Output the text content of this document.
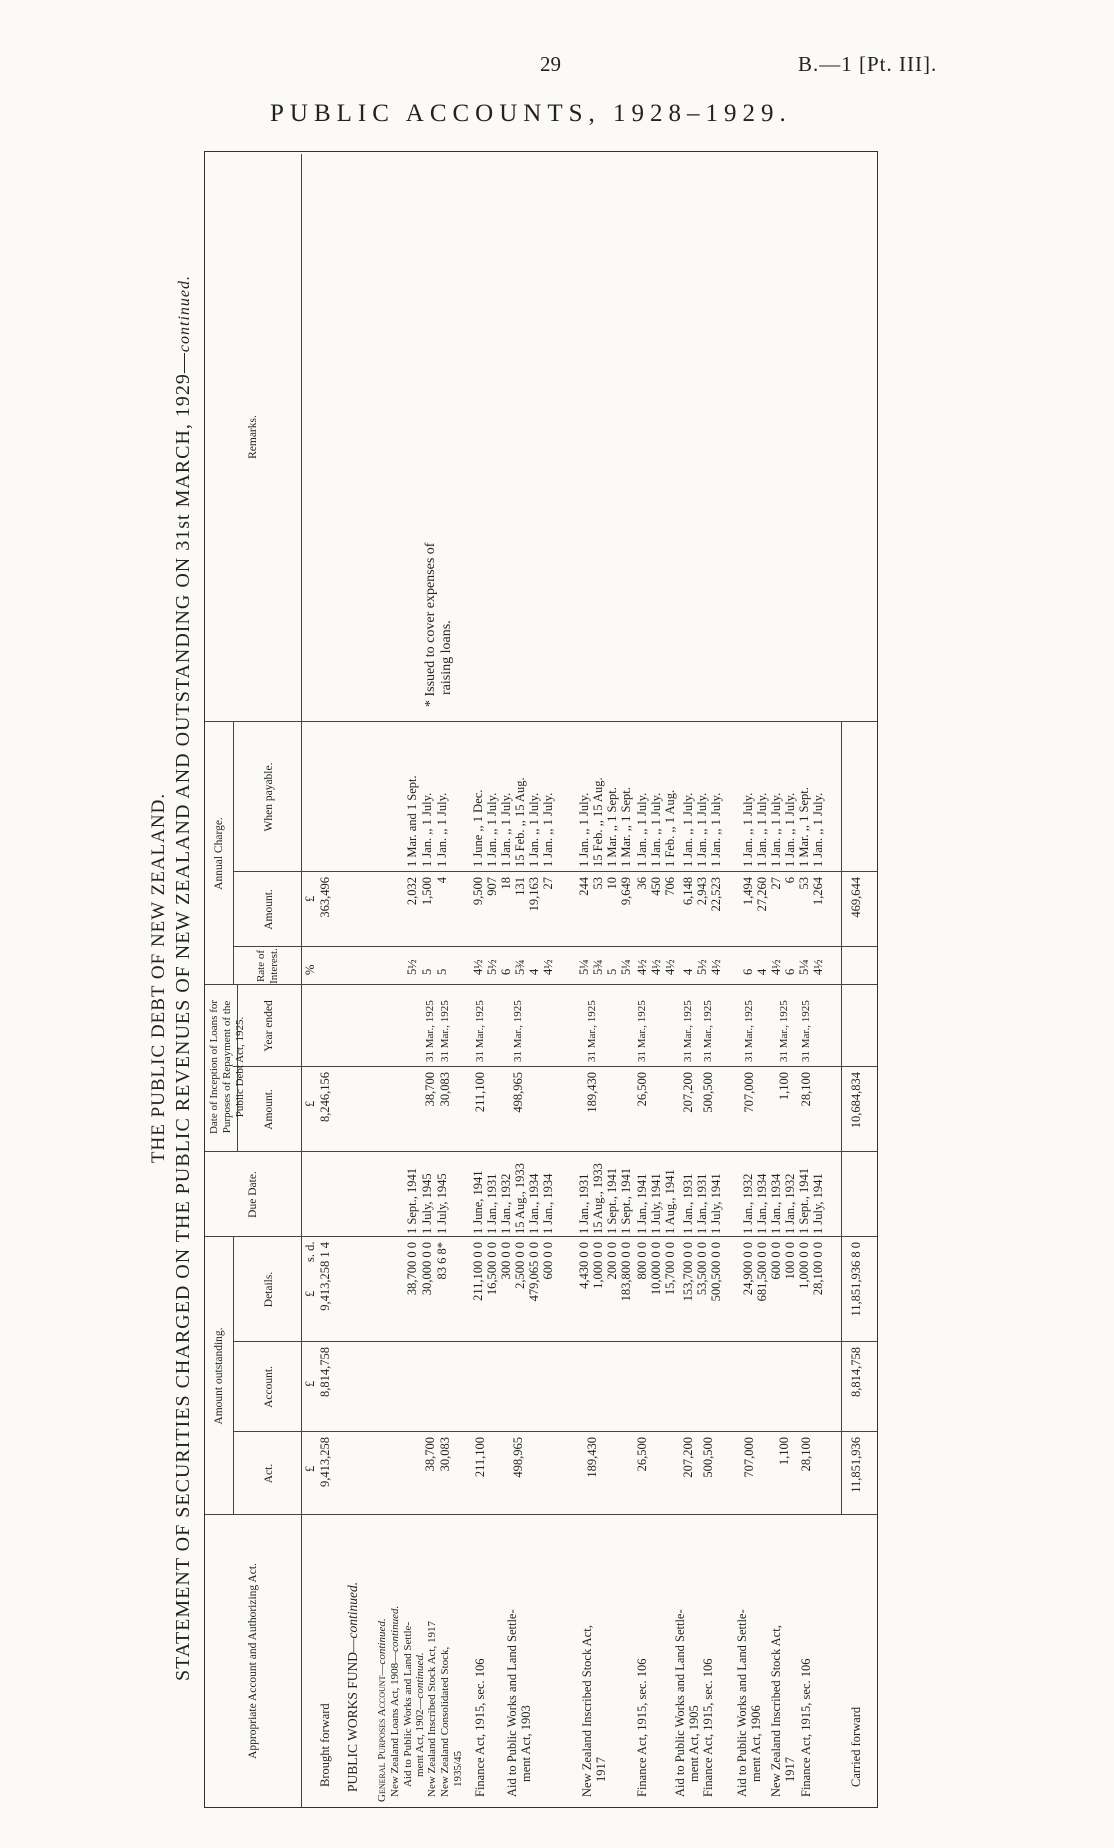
29	B.—1 [Pt. III].
PUBLIC ACCOUNTS, 1928–1929.
THE PUBLIC DEBT OF NEW ZEALAND. STATEMENT OF SECURITIES CHARGED ON THE PUBLIC REVENUES OF NEW ZEALAND AND OUTSTANDING ON 31st MARCH, 1929—continued.
Appropriate Account and Authorizing Act.
Amount outstanding.
Act.
Account.
Details.
Due Date.
Date of Inception of Loans for Purposes of Repayment of the Public Debt Act, 1925. Amount.
Year ended
Annual Charge.
Rate of Interest.
Amount.
When payable.
Remarks.
£
£
£
s. d.
£
%
£
Brought forward
9,413,258
8,814,758
9,413,258 1 4
8,246,156
363,496
PUBLIC WORKS FUND—continued.
General Purposes Account—continued.
New Zealand Loans Act, 1908—continued. Aid to Public Works and Land Settle- ment Act, 1902—continued. New Zealand Inscribed Stock Act, 1917 New Zealand Consolidated Stock, 1935/45
38,700 30,083
Finance Act, 1915, sec. 106
211,100
Aid to Public Works and Land Settle- ment Act, 1903
498,965
New Zealand Inscribed Stock Act, 1917
189,430
Finance Act, 1915, sec. 106
26,500
Aid to Public Works and Land Settle- ment Act, 1905 Finance Act, 1915, sec. 106
207,200 500,500
Aid to Public Works and Land Settle- ment Act, 1906 New Zealand Inscribed Stock Act, 1917 Finance Act, 1915, sec. 106
707,000 1,100 28,100
Carried forward
11,851,936
8,814,758
11,851,936 8 0
10,684,834
469,644
38,700 0 0 30,000 0 0 83 6 8* 211,100 0 0 16,500 0 0 300 0 0 2,500 0 0 479,065 0 0 600 0 0 4,430 0 0 1,000 0 0 200 0 0 183,800 0 0 800 0 0 10,000 0 0 15,700 0 0 153,700 0 0 53,500 0 0 500,500 0 0 24,900 0 0 681,500 0 0 600 0 0 100 0 0 1,000 0 0 28,100 0 0
1 Sept., 1941 1 July, 1945 1 July, 1945 1 June, 1941 1 Jan., 1931 1 Jan., 1932 15 Aug., 1933 1 Jan., 1934 1 Jan., 1934 1 Jan., 1931 15 Aug., 1933 1 Sept., 1941 1 Sept., 1941 1 Jan., 1941 1 July, 1941 1 Aug., 1941 1 Jan., 1931 1 Jan., 1931 1 July, 1941 1 Jan., 1932 1 Jan., 1934 1 Jan., 1934 1 Jan., 1932 1 Sept., 1941 1 July, 1941
38,700
31 Mar., 1925
30,083
31 Mar., 1925
211,100
31 Mar., 1925
498,965
31 Mar., 1925
189,430
31 Mar., 1925
26,500
31 Mar., 1925
207,200
31 Mar., 1925
500,500
31 Mar., 1925
707,000
31 Mar., 1925
1,100
31 Mar., 1925
28,100
31 Mar., 1925
5½ 5 5 4½ 5½ 6 5¾ 4 4½ 5¼ 5¾ 5 5¼ 4½ 4½ 4½ 4 5½ 4½ 6 4 4½ 6 5¼ 4½
2,032 1,500 4 9,500 907 18 131 19,163 27 244 53 10 9,649 36 450 706 6,148 2,943 22,523 1,494 27,260 27 6 53 1,264
1 Mar. and 1 Sept. 1 Jan. ,, 1 July. 1 Jan. ,, 1 July. 1 June ,, 1 Dec. 1 Jan. ,, 1 July. 1 Jan. ,, 1 July. 15 Feb. ,, 15 Aug. 1 Jan. ,, 1 July. 1 Jan. ,, 1 July. 1 Jan. ,, 1 July. 15 Feb. ,, 15 Aug. 1 Mar. ,, 1 Sept. 1 Mar. ,, 1 Sept. 1 Jan. ,, 1 July. 1 Jan. ,, 1 July. 1 Feb. ,, 1 Aug. 1 Jan. ,, 1 July. 1 Jan. ,, 1 July. 1 Jan. ,, 1 July. 1 Jan. ,, 1 July. 1 Jan. ,, 1 July. 1 Jan. ,, 1 July. 1 Jan. ,, 1 July. 1 Mar. ,, 1 Sept. 1 Jan. ,, 1 July.
* Issued to cover expenses of raising loans.
